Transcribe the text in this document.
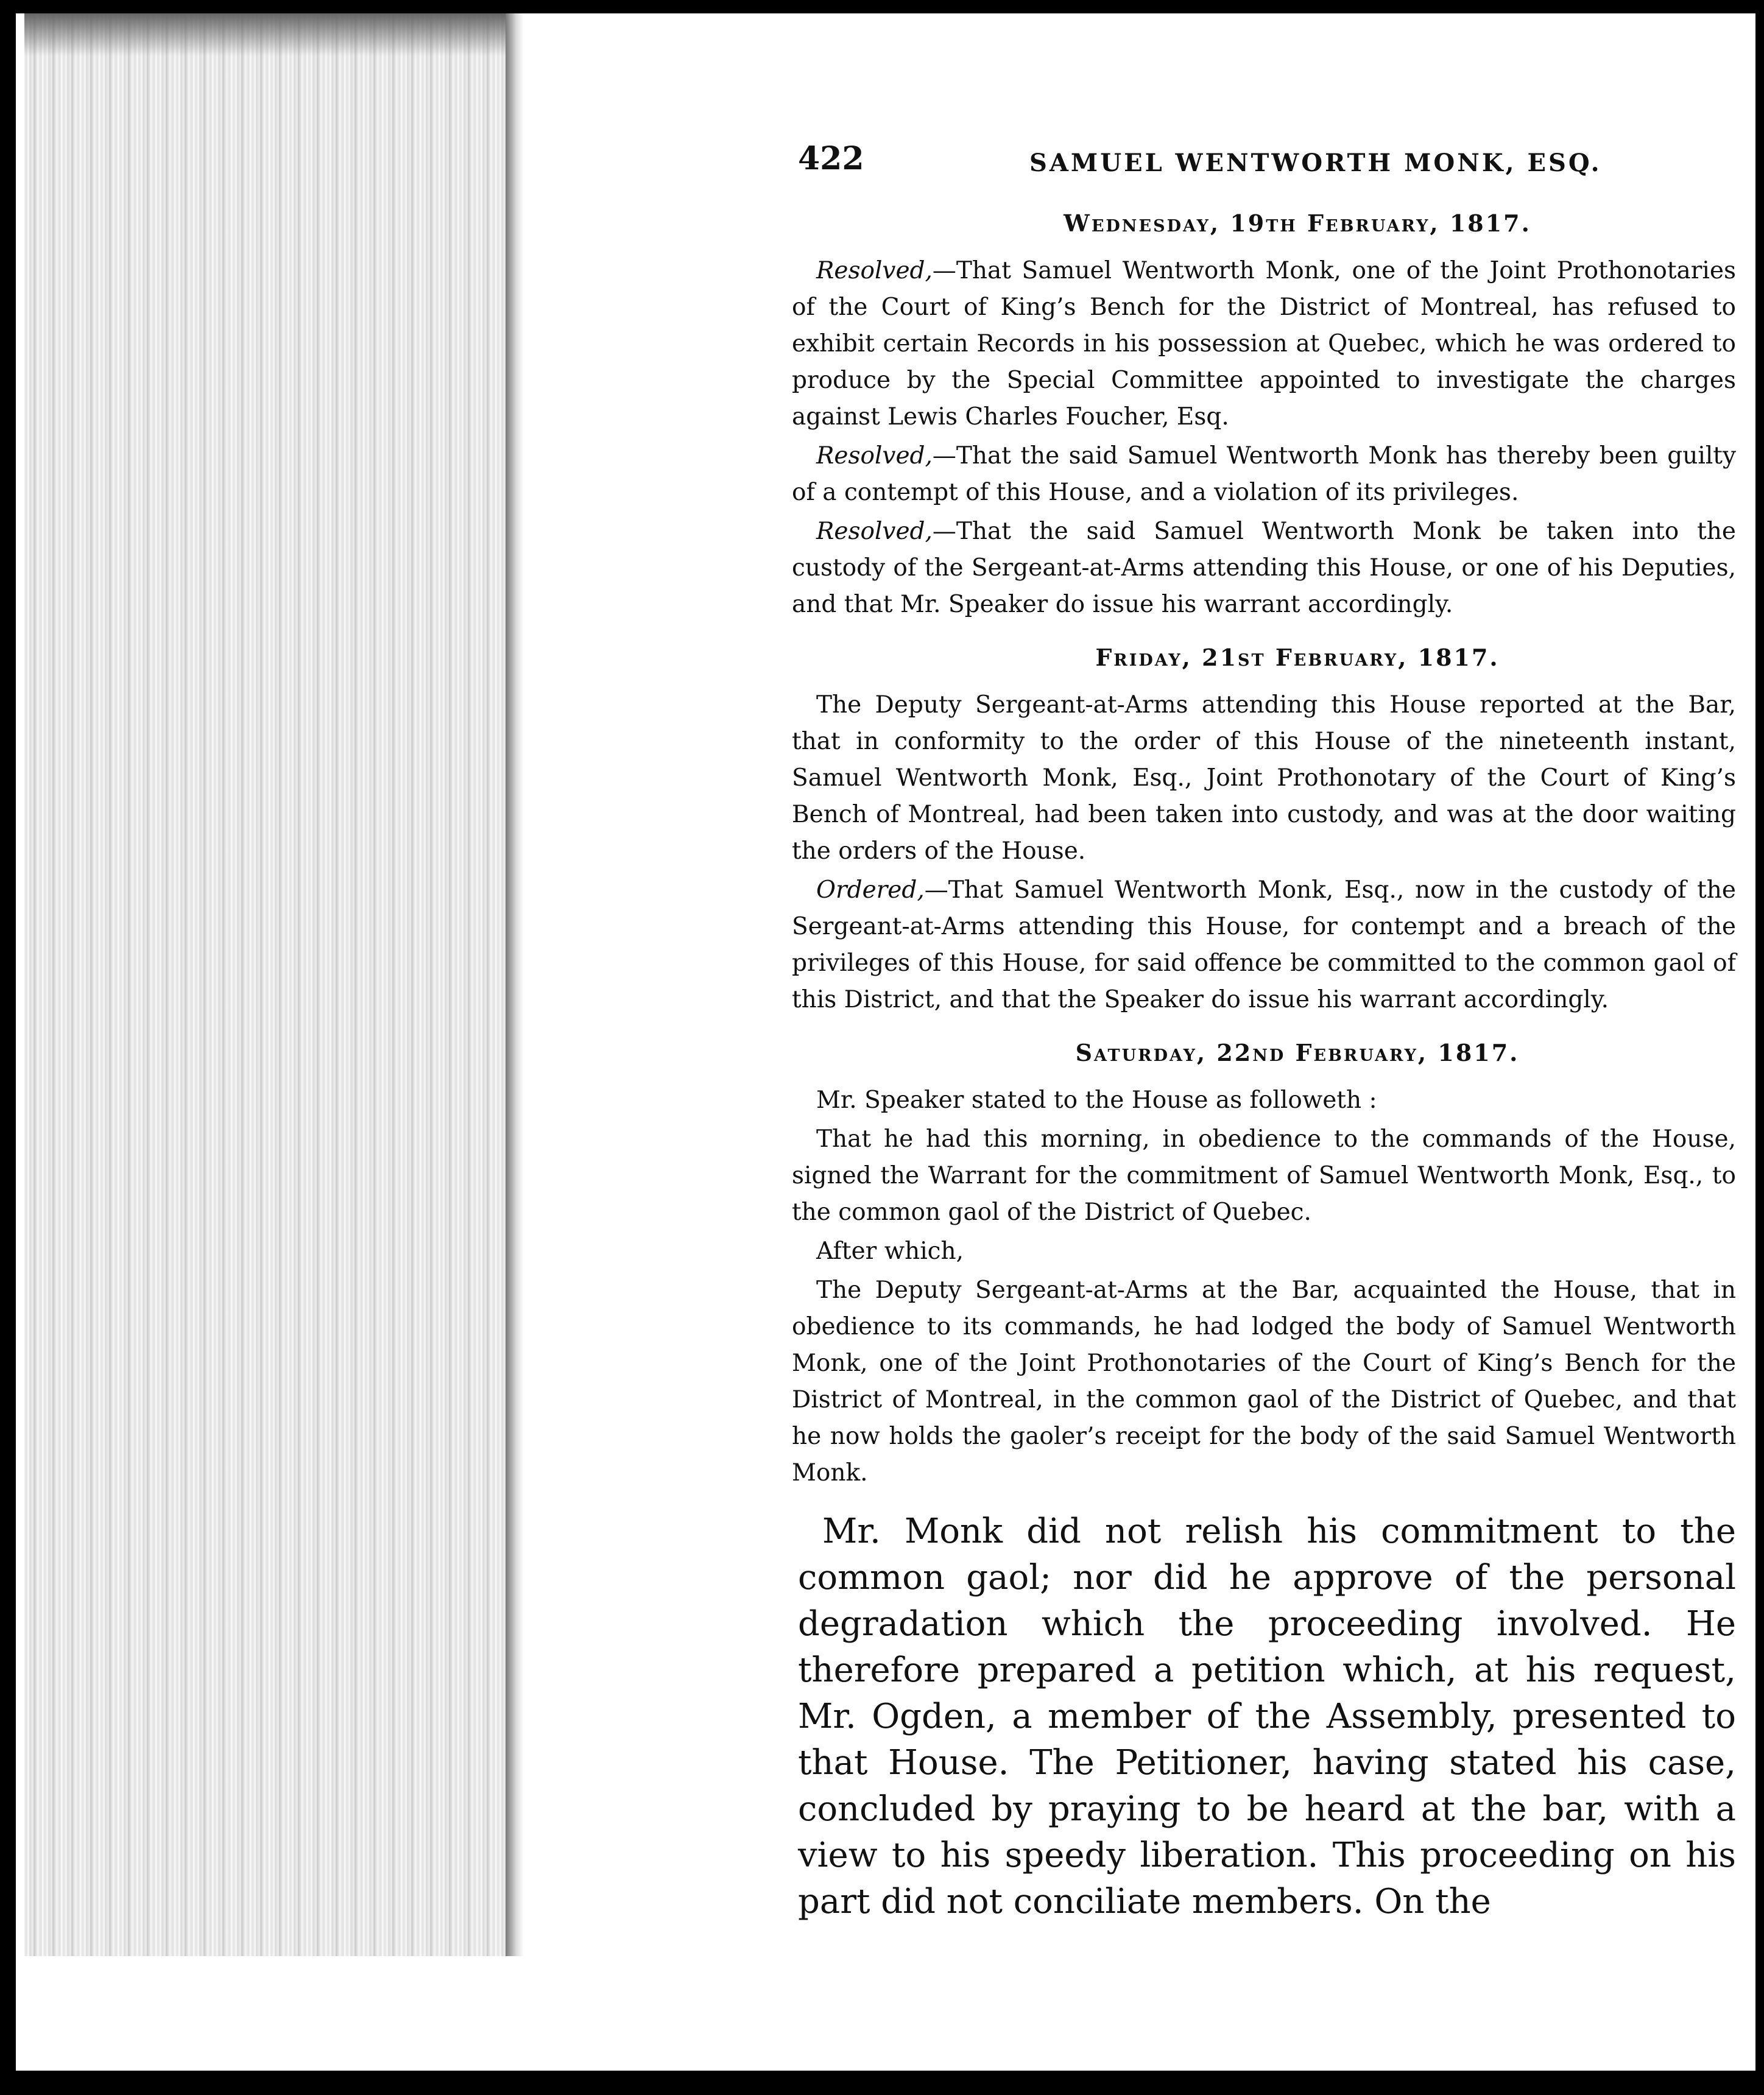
422	SAMUEL WENTWORTH MONK, ESQ.
Wednesday, 19th February, 1817.

Resolved,—That Samuel Wentworth Monk, one of the Joint Prothonotaries of the Court of King’s Bench for the District of Montreal, has refused to exhibit certain Records in his possession at Quebec, which he was ordered to produce by the Special Committee appointed to investigate the charges against Lewis Charles Foucher, Esq.

Resolved,—That the said Samuel Wentworth Monk has thereby been guilty of a contempt of this House, and a violation of its privileges.

Resolved,—That the said Samuel Wentworth Monk be taken into the custody of the Sergeant-at-Arms attending this House, or one of his Deputies, and that Mr. Speaker do issue his warrant accordingly.

Friday, 21st February, 1817.

The Deputy Sergeant-at-Arms attending this House reported at the Bar, that in conformity to the order of this House of the nineteenth instant, Samuel Wentworth Monk, Esq., Joint Prothonotary of the Court of King’s Bench of Montreal, had been taken into custody, and was at the door waiting the orders of the House.

Ordered,—That Samuel Wentworth Monk, Esq., now in the custody of the Sergeant-at-Arms attending this House, for contempt and a breach of the privileges of this House, for said offence be committed to the common gaol of this District, and that the Speaker do issue his warrant accordingly.

Saturday, 22nd February, 1817.

Mr. Speaker stated to the House as followeth :

That he had this morning, in obedience to the commands of the House, signed the Warrant for the commitment of Samuel Wentworth Monk, Esq., to the common gaol of the District of Quebec.

After which,

The Deputy Sergeant-at-Arms at the Bar, acquainted the House, that in obedience to its commands, he had lodged the body of Samuel Wentworth Monk, one of the Joint Prothonotaries of the Court of King’s Bench for the District of Montreal, in the common gaol of the District of Quebec, and that he now holds the gaoler’s receipt for the body of the said Samuel Wentworth Monk.

Mr. Monk did not relish his commitment to the common gaol; nor did he approve of the personal degradation which the proceeding involved. He therefore prepared a petition which, at his request, Mr. Ogden, a member of the Assembly, presented to that House. The Petitioner, having stated his case, concluded by praying to be heard at the bar, with a view to his speedy liberation. This proceeding on his part did not conciliate members. On the
